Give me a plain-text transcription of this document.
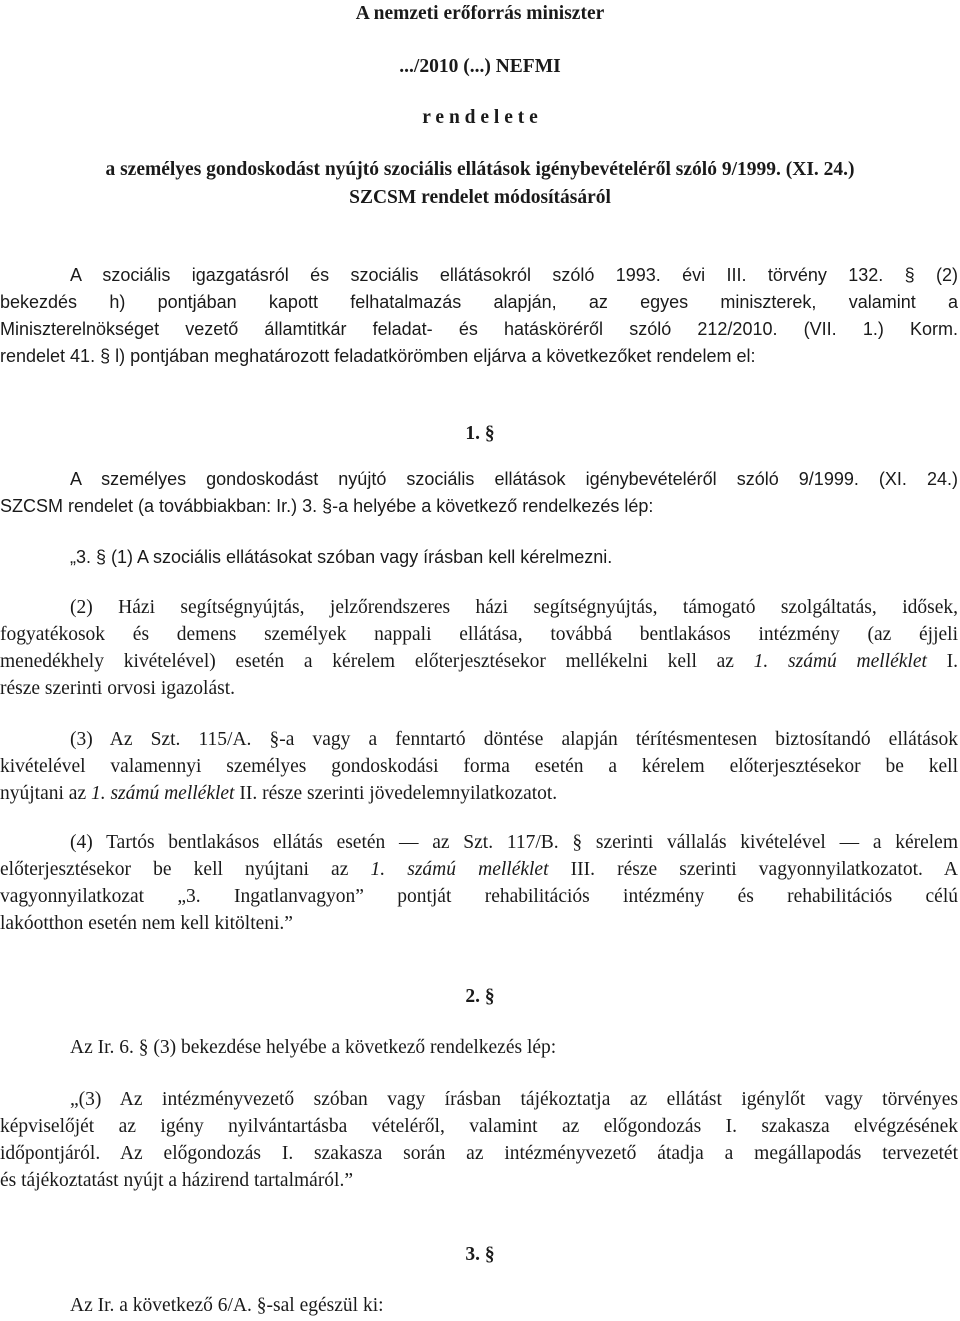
A nemzeti erőforrás miniszter
.../2010 (...) NEFMI
r e n d e l e t e
a személyes gondoskodást nyújtó szociális ellátások igénybevételéről szóló 9/1999. (XI. 24.)
SZCSM rendelet módosításáról
A szociális igazgatásról és szociális ellátásokról szóló 1993. évi III. törvény 132. § (2)
bekezdés h) pontjában kapott felhatalmazás alapján, az egyes miniszterek, valamint a
Miniszterelnökséget vezető államtitkár feladat- és hatásköréről szóló 212/2010. (VII. 1.) Korm.
rendelet 41. § l) pontjában meghatározott feladatkörömben eljárva a következőket rendelem el:
1. §
A személyes gondoskodást nyújtó szociális ellátások igénybevételéről szóló 9/1999. (XI. 24.)
SZCSM rendelet (a továbbiakban: Ir.) 3. §-a helyébe a következő rendelkezés lép:
„3. § (1) A szociális ellátásokat szóban vagy írásban kell kérelmezni.
(2) Házi segítségnyújtás, jelzőrendszeres házi segítségnyújtás, támogató szolgáltatás, idősek,
fogyatékosok és demens személyek nappali ellátása, továbbá bentlakásos intézmény (az éjjeli
menedékhely kivételével) esetén a kérelem előterjesztésekor mellékelni kell az 1. számú melléklet I.
része szerinti orvosi igazolást.
(3) Az Szt. 115/A. §-a vagy a fenntartó döntése alapján térítésmentesen biztosítandó ellátások
kivételével valamennyi személyes gondoskodási forma esetén a kérelem előterjesztésekor be kell
nyújtani az 1. számú melléklet II. része szerinti jövedelemnyilatkozatot.
(4) Tartós bentlakásos ellátás esetén — az Szt. 117/B. § szerinti vállalás kivételével — a kérelem
előterjesztésekor be kell nyújtani az 1. számú melléklet III. része szerinti vagyonnyilatkozatot. A
vagyonnyilatkozat „3. Ingatlanvagyon” pontját rehabilitációs intézmény és rehabilitációs célú
lakóotthon esetén nem kell kitölteni.”
2. §
Az Ir. 6. § (3) bekezdése helyébe a következő rendelkezés lép:
„(3) Az intézményvezető szóban vagy írásban tájékoztatja az ellátást igénylőt vagy törvényes
képviselőjét az igény nyilvántartásba vételéről, valamint az előgondozás I. szakasza elvégzésének
időpontjáról. Az előgondozás I. szakasza során az intézményvezető átadja a megállapodás tervezetét
és tájékoztatást nyújt a házirend tartalmáról.”
3. §
Az Ir. a következő 6/A. §-sal egészül ki:
